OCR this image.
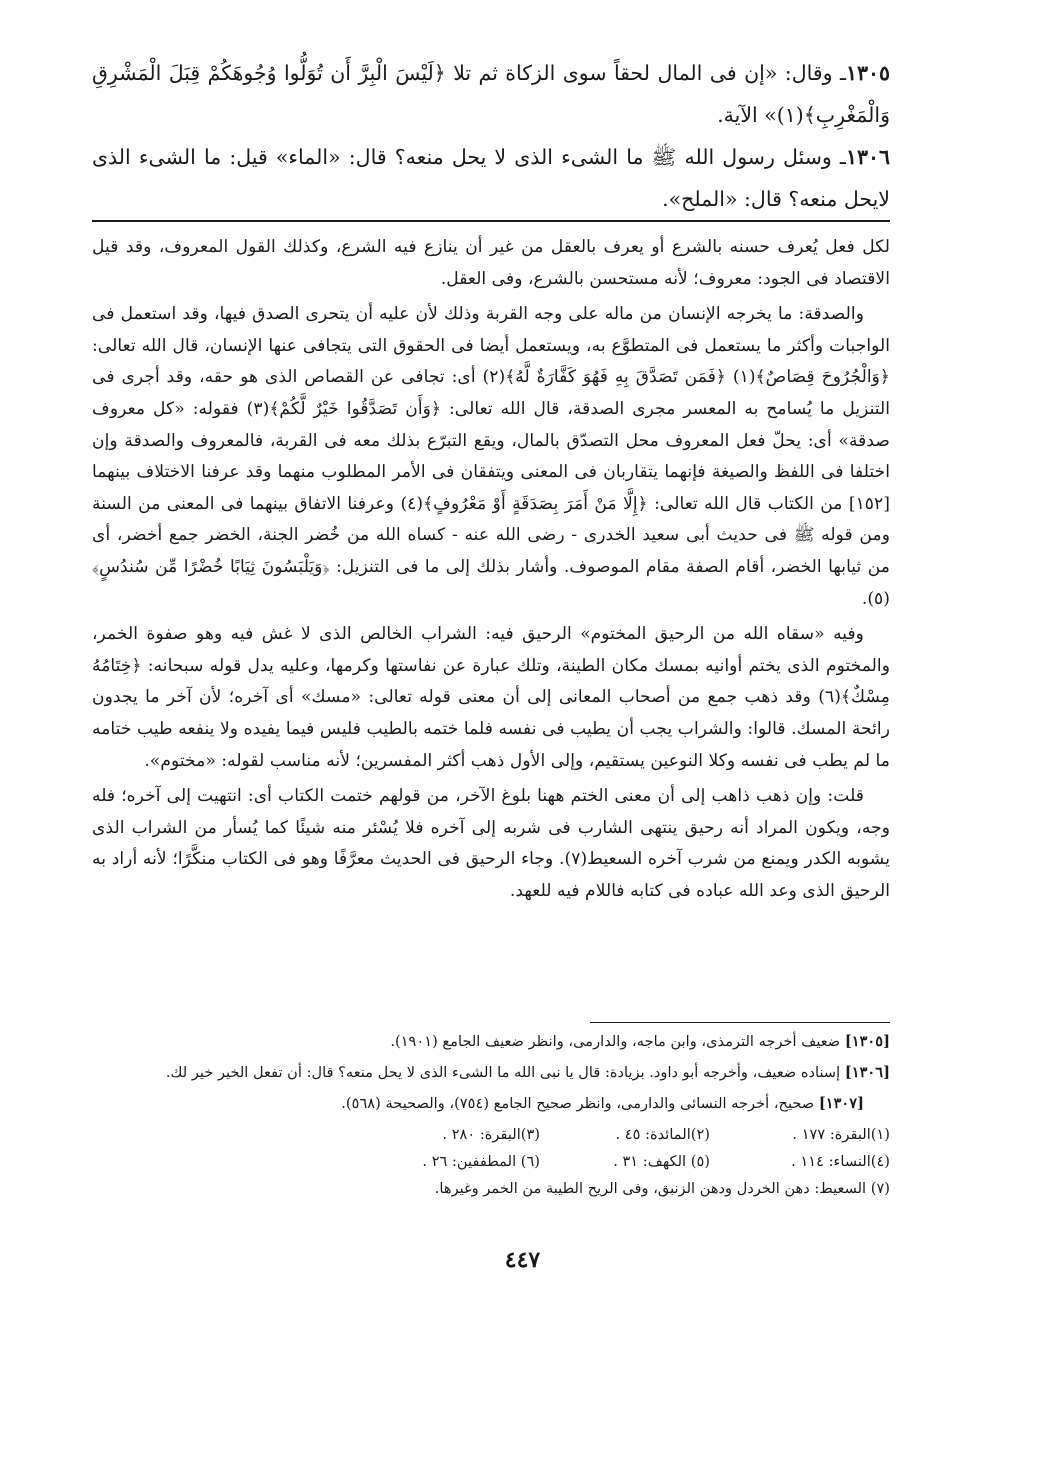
١٣٠٥ـ وقال: «إن فى المال لحقاً سوى الزكاة ثم تلا ﴿لَيْسَ الْبِرَّ أَن تُوَلُّوا وُجُوهَكُمْ قِبَلَ الْمَشْرِقِ وَالْمَغْرِبِ﴾(١)» الآية.
١٣٠٦ـ وسئل رسول الله ﷺ ما الشىء الذى لا يحل منعه؟ قال: «الماء» قيل: ما الشىء الذى لايحل منعه؟ قال: «الملح».

لكل فعل يُعرف حسنه بالشرع أو يعرف بالعقل من غير أن ينازع فيه الشرع، وكذلك القول المعروف، وقد قيل الاقتصاد فى الجود: معروف؛ لأنه مستحسن بالشرع، وفى العقل.

والصدقة: ما يخرجه الإنسان من ماله على وجه القربة وذلك لأن عليه أن يتحرى الصدق فيها، وقد استعمل فى الواجبات وأكثر ما يستعمل فى المتطوَّع به، ويستعمل أيضا فى الحقوق التى يتجافى عنها الإنسان، قال الله تعالى: ﴿وَالْجُرُوحَ قِصَاصٌ﴾(١) ﴿فَمَن تَصَدَّقَ بِهِ فَهُوَ كَفَّارَةٌ لَّهُ﴾(٢) أى: تجافى عن القصاص الذى هو حقه، وقد أجرى فى التنزيل ما يُسامح به المعسر مجرى الصدقة، قال الله تعالى: ﴿وَأَن تَصَدَّقُوا خَيْرٌ لَّكُمْ﴾(٣) فقوله: «كل معروف صدقة» أى: يحلّ فعل المعروف محل التصدّق بالمال، ويقع التبرّع بذلك معه فى القربة، فالمعروف والصدقة وإن اختلفا فى اللفظ والصيغة فإنهما يتقاربان فى المعنى ويتفقان فى الأمر المطلوب منهما وقد عرفنا الاختلاف بينهما [١٥٢] من الكتاب قال الله تعالى: ﴿إِلَّا مَنْ أَمَرَ بِصَدَقَةٍ أَوْ مَعْرُوفٍ﴾(٤) وعرفنا الاتفاق بينهما فى المعنى من السنة ومن قوله ﷺ فى حديث أبى سعيد الخدرى - رضى الله عنه - كساه الله من خُضر الجنة، الخضر جمع أخضر، أى من ثيابها الخضر، أقام الصفة مقام الموصوف. وأشار بذلك إلى ما فى التنزيل: ﴿وَيَلْبَسُونَ ثِيَابًا خُضْرًا مِّن سُندُسٍ﴾(٥).

وفيه «سقاه الله من الرحيق المختوم» الرحيق فيه: الشراب الخالص الذى لا غش فيه وهو صفوة الخمر، والمختوم الذى يختم أوانيه بمسك مكان الطينة، وتلك عبارة عن نفاستها وكرمها، وعليه يدل قوله سبحانه: ﴿خِتَامُهُ مِسْكٌ﴾(٦) وقد ذهب جمع من أصحاب المعانى إلى أن معنى قوله تعالى: «مسك» أى آخره؛ لأن آخر ما يجدون رائحة المسك. قالوا: والشراب يجب أن يطيب فى نفسه فلما ختمه بالطيب فليس فيما يفيده ولا ينفعه طيب ختامه ما لم يطب فى نفسه وكلا النوعين يستقيم، وإلى الأول ذهب أكثر المفسرين؛ لأنه مناسب لقوله: «مختوم».

قلت: وإن ذهب ذاهب إلى أن معنى الختم ههنا بلوغ الآخر، من قولهم ختمت الكتاب أى: انتهيت إلى آخره؛ فله وجه، ويكون المراد أنه رحيق ينتهى الشارب فى شربه إلى آخره فلا يُسْئر منه شيئًا كما يُسأر من الشراب الذى يشوبه الكدر ويمنع من شرب آخره السعيط(٧). وجاء الرحيق فى الحديث معرَّفًا وهو فى الكتاب منكَّرًا؛ لأنه أراد به الرحيق الذى وعد الله عباده فى كتابه فاللام فيه للعهد.

[١٣٠٥] ضعيف أخرجه الترمذى، وابن ماجه، والدارمى، وانظر ضعيف الجامع (١٩٠١).

[١٣٠٦] إسناده ضعيف، وأخرجه أبو داود. بزيادة: قال يا نبى الله ما الشىء الذى لا يحل منعه؟ قال: أن تفعل الخير خير لك.

[١٣٠٧] صحيح، أخرجه النسائى والدارمى، وانظر صحيح الجامع (٧٥٤)، والصحيحة (٥٦٨).

(١)البقرة: ١٧٧ .
(٢)المائدة: ٤٥ .
(٣)البقرة: ٢٨٠ .
(٤)النساء: ١١٤ .
(٥) الكهف: ٣١ .
(٦) المطففين: ٢٦ .

(٧) السعيط: دهن الخردل ودهن الزنبق، وفى الريح الطيبة من الخمر وغيرها.

٤٤٧
